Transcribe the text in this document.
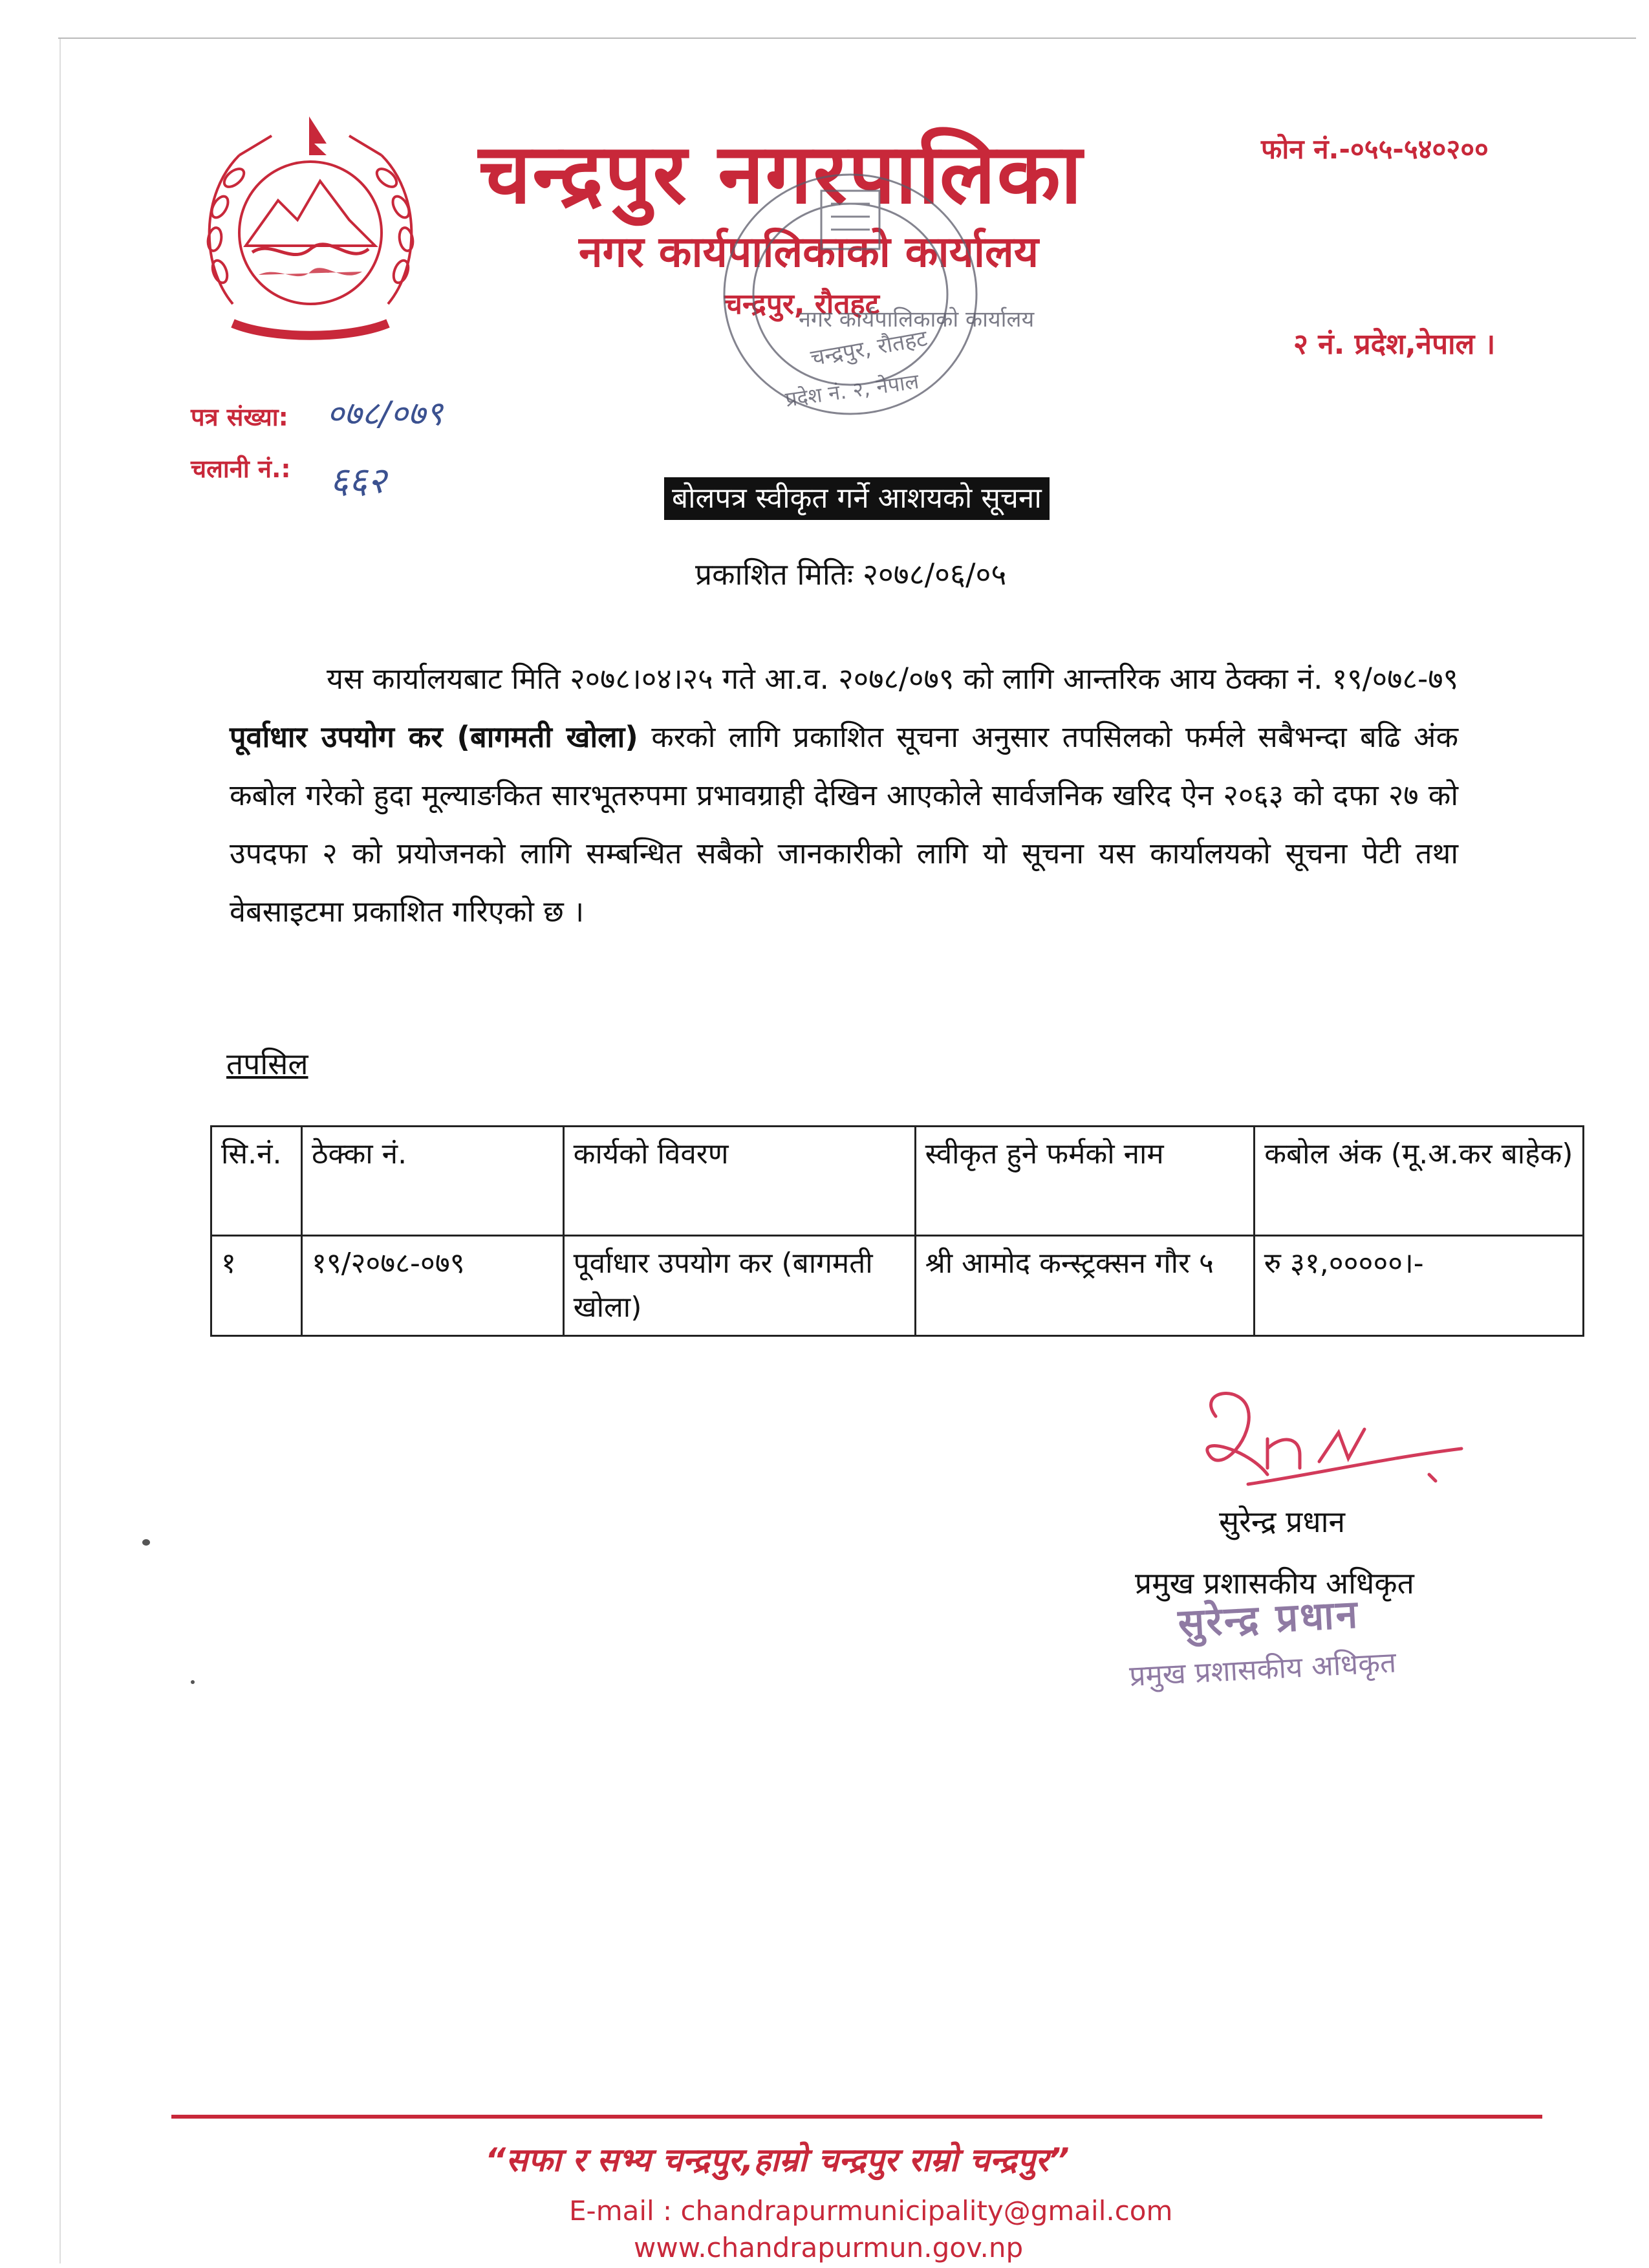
चन्द्रपुर नगरपालिका
नगर कार्यपालिकाको कार्यालय
चन्द्रपुर, रौतहट
फोन नं.-०५५-५४०२००
२ नं. प्रदेश,नेपाल ।
नगर कार्यपालिकाको कार्यालय
चन्द्रपुर, रौतहट
प्रदेश नं. २, नेपाल
पत्र संख्या: ०७८/०७९
चलानी नं.: ६६२	बोलपत्र स्वीकृत गर्ने आशयको सूचना
प्रकाशित मितिः २०७८/०६/०५

यस कार्यालयबाट मिति २०७८।०४।२५ गते आ.व. २०७८/०७९ को लागि आन्तरिक आय ठेक्का नं. १९/०७८-७९ पूर्वाधार उपयोग कर (बागमती खोला) करको लागि प्रकाशित सूचना अनुसार तपसिलको फर्मले सबैभन्दा बढि अंक कबोल गरेको हुदा मूल्याङकित सारभूतरुपमा प्रभावग्राही देखिन आएकोले सार्वजनिक खरिद ऐन २०६३ को दफा २७ को उपदफा २ को प्रयोजनको लागि सम्बन्धित सबैको जानकारीको लागि यो सूचना यस कार्यालयको सूचना पेटी तथा वेबसाइटमा प्रकाशित गरिएको छ ।

तपसिल
सि.नं.	ठेक्का नं.	कार्यको विवरण	स्वीकृत हुने फर्मको नाम	कबोल अंक (मू.अ.कर बाहेक)
१	१९/२०७८-०७९	पूर्वाधार उपयोग कर (बागमती खोला)	श्री आमोद कन्स्ट्रक्सन गौर ५	रु ३१,०००००।-
सुरेन्द्र प्रधान
प्रमुख प्रशासकीय अधिकृत
सुरेन्द्र प्रधान
प्रमुख प्रशासकीय अधिकृत
“सफा र सभ्य चन्द्रपुर,हाम्रो चन्द्रपुर राम्रो चन्द्रपुर”
E-mail : chandrapurmunicipality@gmail.com
www.chandrapurmun.gov.np
